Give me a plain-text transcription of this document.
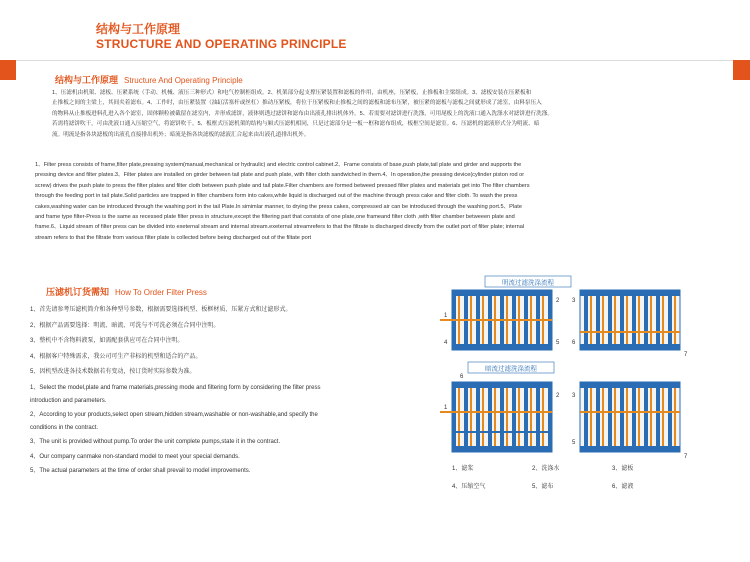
结构与工作原理
STRUCTURE AND OPERATING PRINCIPLE
结构与工作原理 Structure And Operating Principle
1、压滤机由机架、滤板、压紧系统（手动、机械、液压三种形式）和电气控制柜组成。2、机架部分起支撑压紧装置和滤板的作用，由机座，压紧板，止推板和主梁组成。3、滤板安装在压紧板和
止推板之间的主梁上，其间夹着滤布。4、工作时，由压紧装置（油缸活塞杆或丝杠）推动压紧板，将位于压紧板和止推板之间的滤板和滤布压紧，被压紧的滤板与滤板之间就形成了滤室，由料泵压入
的物料从止推板进料孔进入各个滤室，固体颗粒被截留在滤室内，并形成滤饼，液体则透过滤饼和滤布由出液孔排出机体外。5、若需要对滤饼进行洗涤，可用尾板上的洗液口通入洗涤水对滤饼进行洗涤。
若需将滤饼吹干，可由洗液口通入压缩空气，将滤饼吹干。5、板框式压滤机架的结构与厢式压滤机相同，只是过滤部分是一板一框和滤布组成，板框空间是滤室。6、压滤机的滤液形式分为明流、暗
流。明流是指各块滤板的出液孔直接排出机外；暗流是指各块滤板的滤液汇合起来由出液孔道排出机外。
1、Filter press consists of frame,filter plate,pressing system(manual,mechanical or hydraulic) and electric control cabinet.2、Frame consists of base,push plate,tail plate and girder and supports the
pressing device and filter plates.3、Filter plates are installed on girder between tail plate and push plate, with filter cloth sandwiched in them.4、In operation,the pressing device(cylinder piston rod or
screw) drives the push plate to press the filter plates and filter cloth between push plate and tail plate.Filter chambers are formed betweed pressed filter plates and materials get into The filter chambers
through the feeding port in tail plate.Solid particles are trapped in filter chambers form into cakes,while liquid is discharged out of the machine through press cake and filter cloth. To wash the press
cakes,washing water can be introduced through the washing port in the tail Plate.In simimlar manner, to drying the press cakes, compressed air can be introduced through the washing port.5、Plate
and frame type filter-Press is the same as recessed plate filter press in structure,except the filtering part that consists of one plate,one frameand filter cloth ,with filter chamber betweeen plate and
frame.6、Liquid stream of filter press can be divided into exeternal stream and internal stream.exeternal streamrefers to that the filtrate is discharged directly from the outlet port of filter plate; internal
stream refers to that the filtrate from various filter plate is collected before being discharged out of the filtate port
压滤机订货需知 How To Order Filter Press
1、首先请参考压滤机简介和各种型号参数，根据需要选择机型、板框材质、压紧方式和过滤形式。
2、根据产品需要选择：明流、暗流、可洗与不可洗必须在合同中注明。
3、整机中不含物料液泵，如需配套供应可在合同中注明。
4、根据客户特殊需求，我公司可生产非标的机型和适合的产品。
5、因机型改进各技术数据若有变动，按订货时实际参数为准。
1、Select the model,plate and frame materials,pressing mode and filtering form by considering the filter press
introduction and parameters.
2、According to your products,select open stream,hidden stream,washable or non-washable,and specify the
conditions in the contract.
3、The unit is provided without pump.To order the unit complete pumps,state it in the contract.
4、Our company canmake non-standard model to meet your special demands.
5、The actual parameters at the time of order shall prevail to model improvements.
明流过滤洗涤流程
暗流过滤洗涤流程
1
2 3
4	5 6
7
1
2 3
6
7
5
1、滤浆	2、洗涤水	3、滤板
4、压缩空气	5、滤布	6、滤液
